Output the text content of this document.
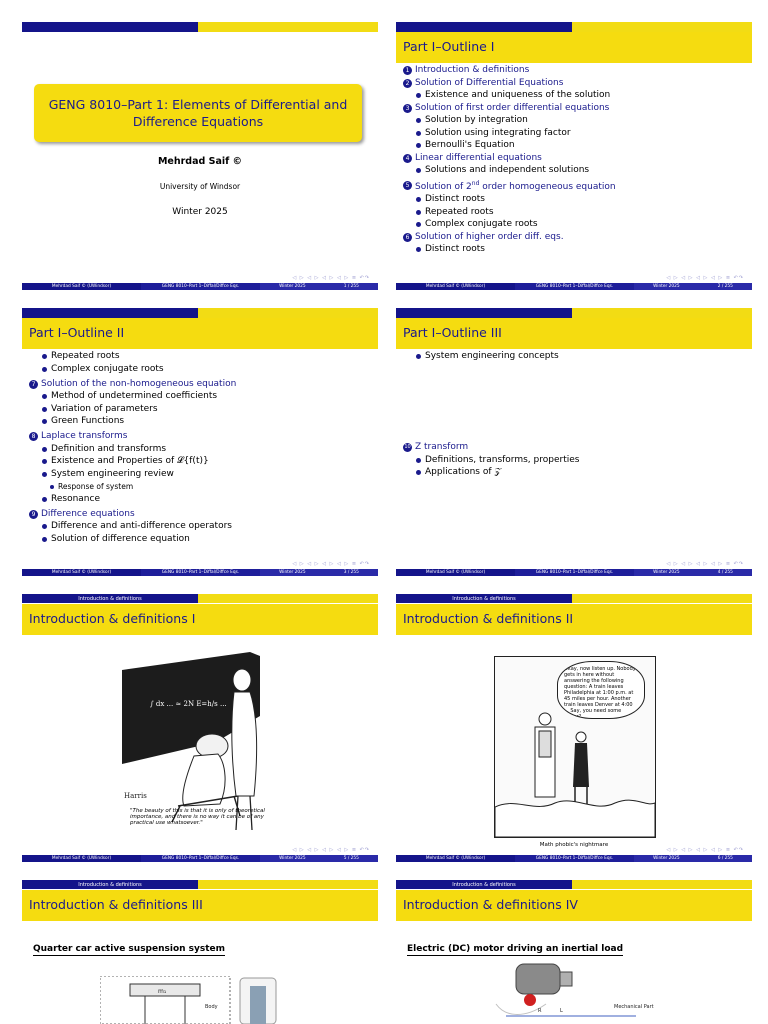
GENG 8010–Part 1: Elements of Differential and Difference Equations
Mehrdad Saif ©
University of Windsor
Winter 2025
◁ ▷ ◁ ▷ ◁ ▷ ◁ ▷ ≡ ↶↷
Mehrdad Saif © (UWindsor)	GENG 8010–Part 1–Diffal/Diffce Eqs.	Winter 2025	1 / 255
Part I–Outline I
1 Introduction & definitions
2 Solution of Differential Equations
Existence and uniqueness of the solution
3 Solution of first order differential equations
Solution by integration
Solution using integrating factor
Bernoulli's Equation
4 Linear differential equations
Solutions and independent solutions
5 Solution of 2nd order homogeneous equation
Distinct roots
Repeated roots
Complex conjugate roots
6 Solution of higher order diff. eqs.
Distinct roots
◁ ▷ ◁ ▷ ◁ ▷ ◁ ▷ ≡ ↶↷
Mehrdad Saif © (UWindsor)	GENG 8010–Part 1–Diffal/Diffce Eqs.	Winter 2025	2 / 255
Part I–Outline II
Repeated roots
Complex conjugate roots
7 Solution of the non-homogeneous equation
Method of undetermined coefficients
Variation of parameters
Green Functions
8 Laplace transforms
Definition and transforms
Existence and Properties of 𝓛{f(t)}
System engineering review
Response of system
Resonance
9 Difference equations
Difference and anti-difference operators
Solution of difference equation
◁ ▷ ◁ ▷ ◁ ▷ ◁ ▷ ≡ ↶↷
Mehrdad Saif © (UWindsor)	GENG 8010–Part 1–Diffal/Diffce Eqs.	Winter 2025	3 / 255
Part I–Outline III
System engineering concepts
10 Z transform
Definitions, transforms, properties
Applications of 𝒵
◁ ▷ ◁ ▷ ◁ ▷ ◁ ▷ ≡ ↶↷
Mehrdad Saif © (UWindsor)	GENG 8010–Part 1–Diffal/Diffce Eqs.	Winter 2025	4 / 255
Introduction & definitions
Introduction & definitions I
∫ dx ... ≈ 2N E=h/s ...
Harris
"The beauty of this is that it is only of theoretical importance, and there is no way it can be of any practical use whatsoever."
◁ ▷ ◁ ▷ ◁ ▷ ◁ ▷ ≡ ↶↷
Mehrdad Saif © (UWindsor)	GENG 8010–Part 1–Diffal/Diffce Eqs.	Winter 2025	5 / 255
Introduction & definitions
Introduction & definitions II
Okay, now listen up. Nobody gets in here without answering the following question: A train leaves Philadelphia at 1:00 p.m. at 45 miles per hour. Another train leaves Denver at 4:00 ... Say, you need some paper?
Math phobic's nightmare
◁ ▷ ◁ ▷ ◁ ▷ ◁ ▷ ≡ ↶↷
Mehrdad Saif © (UWindsor)	GENG 8010–Part 1–Diffal/Diffce Eqs.	Winter 2025	6 / 255
Introduction & definitions
Introduction & definitions III
Quarter car active suspension system
m₁
Body
Introduction & definitions
Introduction & definitions IV
Electric (DC) motor driving an inertial load
R	L
Mechanical Part
